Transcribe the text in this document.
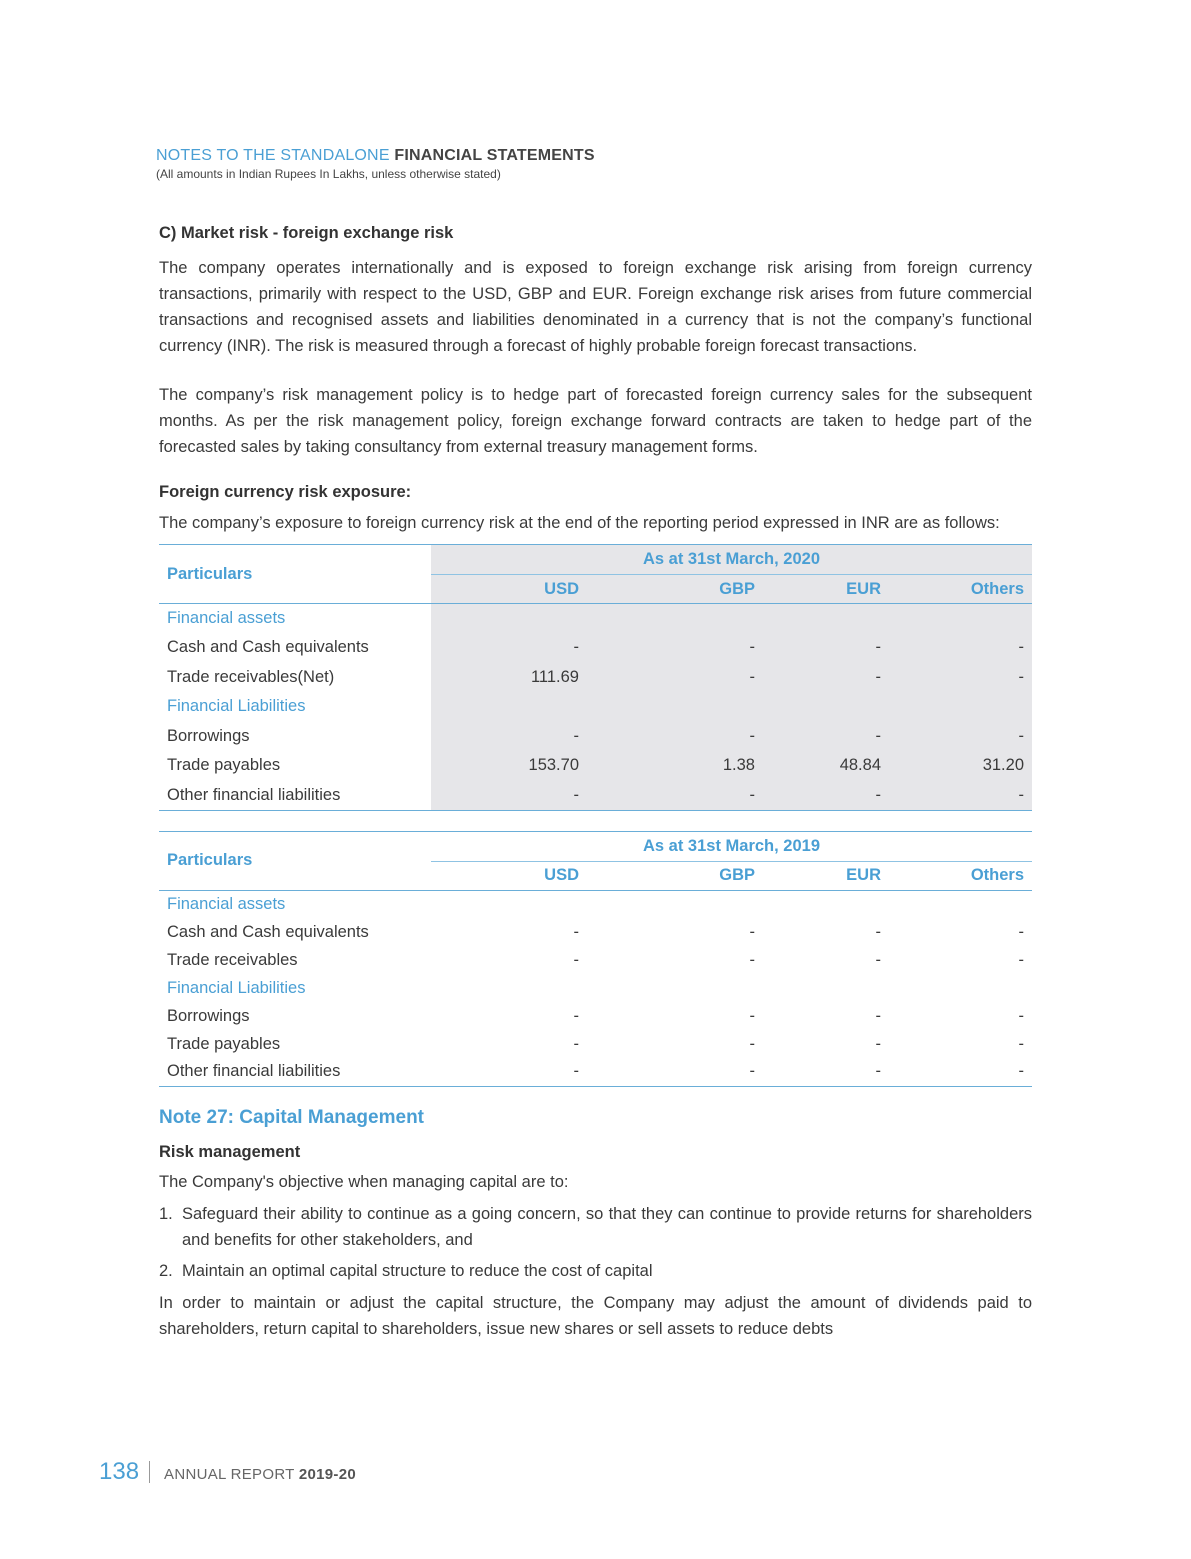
NOTES TO THE STANDALONE FINANCIAL STATEMENTS
(All amounts in Indian Rupees In Lakhs, unless otherwise stated)

C) Market risk - foreign exchange risk

The company operates internationally and is exposed to foreign exchange risk arising from foreign currency transactions, primarily with respect to the USD, GBP and EUR. Foreign exchange risk arises from future commercial transactions and recognised assets and liabilities denominated in a currency that is not the company’s functional currency (INR). The risk is measured through a forecast of highly probable foreign forecast transactions.

The company’s risk management policy is to hedge part of forecasted foreign currency sales for the subsequent months. As per the risk management policy, foreign exchange forward contracts are taken to hedge part of the forecasted sales by taking consultancy from external treasury management forms.

Foreign currency risk exposure:

The company’s exposure to foreign currency risk at the end of the reporting period expressed in INR are as follows:

Particulars	As at 31st March, 2020			
	USD	GBP	EUR	Others
Financial assets				
Cash and Cash equivalents	-	-	-	-
Trade receivables(Net)	111.69	-	-	-
Financial Liabilities				
Borrowings	-	-	-	-
Trade payables	153.70	1.38	48.84	31.20
Other financial liabilities	-	-	-	-
Particulars	As at 31st March, 2019			
	USD	GBP	EUR	Others
Financial assets				
Cash and Cash equivalents	-	-	-	-
Trade receivables	-	-	-	-
Financial Liabilities				
Borrowings	-	-	-	-
Trade payables	-	-	-	-
Other financial liabilities	-	-	-	-

Note 27: Capital Management

Risk management

The Company's objective when managing capital are to:

1. Safeguard their ability to continue as a going concern, so that they can continue to provide returns for shareholders and benefits for other stakeholders, and
2. Maintain an optimal capital structure to reduce the cost of capital

In order to maintain or adjust the capital structure, the Company may adjust the amount of dividends paid to shareholders, return capital to shareholders, issue new shares or sell assets to reduce debts

138 ANNUAL REPORT 2019-20
